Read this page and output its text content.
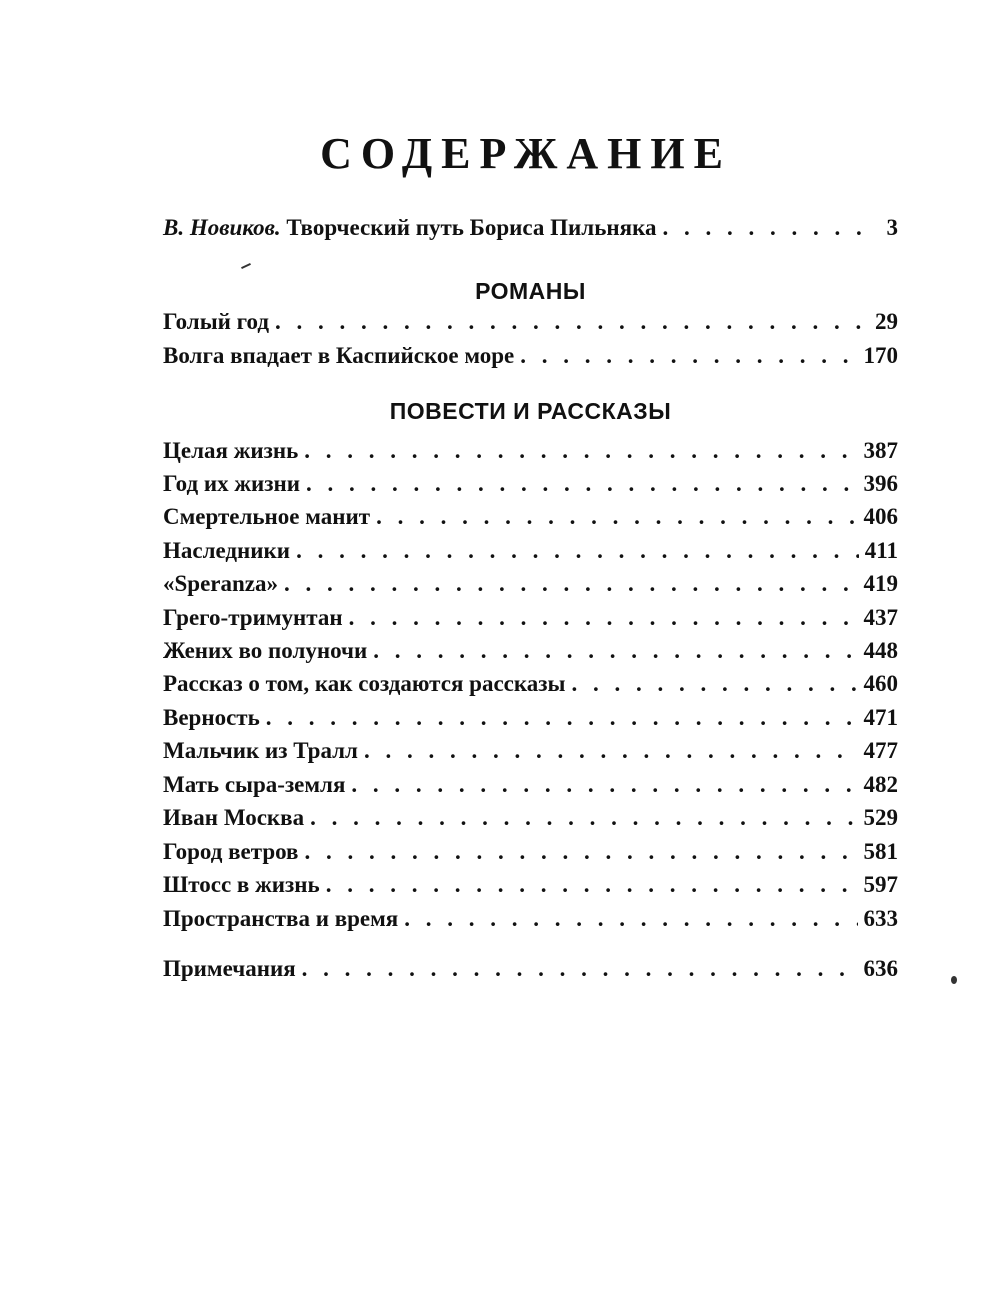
СОДЕРЖАНИЕ
В. Новиков. Творческий путь Бориса Пильняка . . .	3
РОМАНЫ
Голый год . . .	29
Волга впадает в Каспийское море . . .	170
ПОВЕСТИ И РАССКАЗЫ
Целая жизнь . . .	387
Год их жизни . . .	396
Смертельное манит . . .	406
Наследники . . .	411
«Speranza» . . .	419
Грего-тримунтан . . .	437
Жених во полуночи . . .	448
Рассказ о том, как создаются рассказы . . .	460
Верность . . .	471
Мальчик из Тралл . . .	477
Мать сыра-земля . . .	482
Иван Москва . . .	529
Город ветров . . .	581
Штосс в жизнь . . .	597
Пространства и время . . .	633
Примечания . . .	636
